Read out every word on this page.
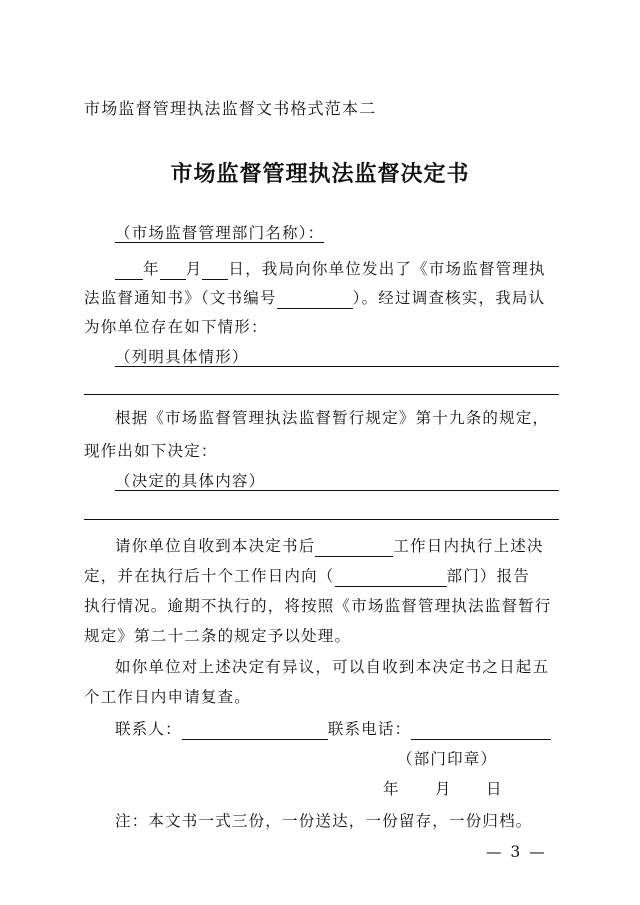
市场监督管理执法监督文书格式范本二
市场监督管理执法监督决定书
（市场监督管理部门名称）：
年 月 日，我局向你单位发出了《市场监督管理执
法监督通知书》（文书编号	）。经过调查核实，我局认
为你单位存在如下情形：
（列明具体情形）
根据《市场监督管理执法监督暂行规定》第十九条的规定，
现作出如下决定：
（决定的具体内容）
请你单位自收到本决定书后	工作日内执行上述决
定，并在执行后十个工作日内向（	部门）报告
执行情况。逾期不执行的，将按照《市场监督管理执法监督暂行
规定》第二十二条的规定予以处理。
如你单位对上述决定有异议，可以自收到本决定书之日起五
个工作日内申请复查。
联系人：	联系电话：
（部门印章）
年 月 日
注：本文书一式三份，一份送达，一份留存，一份归档。
— 3 —
